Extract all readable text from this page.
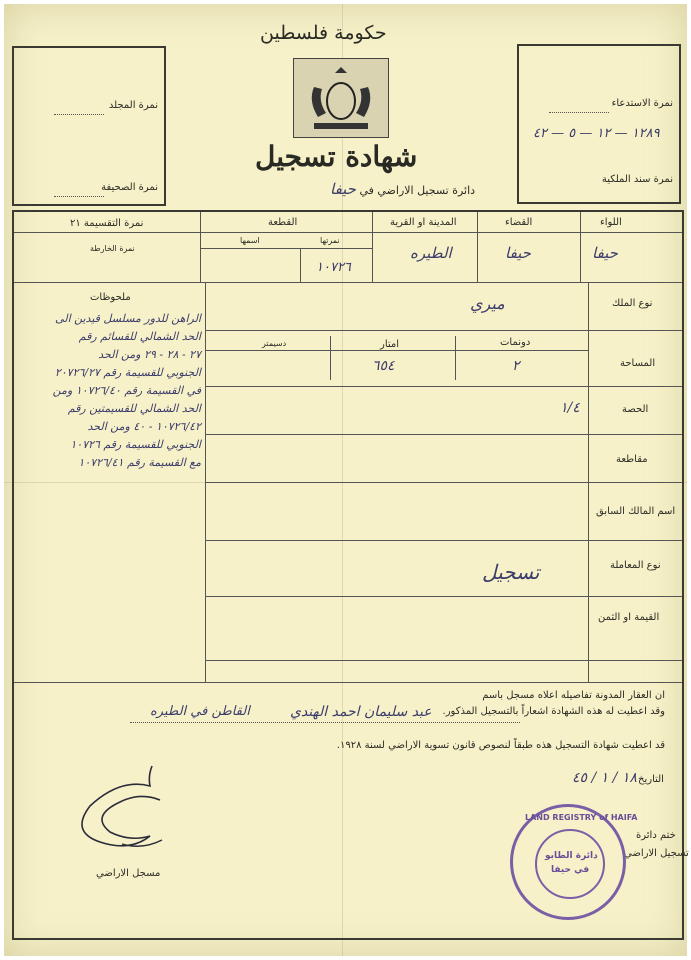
حكومة فلسطين
شهادة تسجيل
دائرة تسجيل الاراضي في حيفا
نمرة المجلد
نمرة الصحيفة
نمرة الاستدعاء
١٢٨٩ — ١٢ — ٥ — ٤٢
نمرة سند الملكية
اللواء
حيفا
القضاء
حيفا
المدينة او القرية
الطيره
القطعة
نمرتها
اسمها
١٠٧٢٦
نمرة التقسيمة ٢١
نمرة الخارطة
نوع الملك
ميري
المساحة
دونمات
امتار
دسيمتر
٢
٦٥٤
الحصة
١/٤
مقاطعة
اسم المالك السابق
نوع المعاملة
تسجيل
القيمة او الثمن
ملحوظات
الراهن للدور مسلسل قيدين الى
الحد الشمالي للقسائم رقم
٢٧ - ٢٨ - ٢٩ ومن الحد
الجنوبي للقسيمة رقم ٢٠٧٢٦/٢٧
في القسيمة رقم ١٠٧٢٦/٤٠ ومن
الحد الشمالي للقسيمتين رقم
١٠٧٢٦/٤٢ - ٤٠ ومن الحد
الجنوبي للقسيمة رقم ١٠٧٢٦
مع القسيمة رقم ١٠٧٢٦/٤١
ان العقار المدونة تفاصيله اعلاه مسجل باسم
عبد سليمان احمد الهندي
القاطن في الطيره	وقد اعطيت له هذه الشهادة اشعاراً بالتسجيل المذكور.
قد اعطيت شهادة التسجيل هذه طبقاً لنصوص قانون تسوية الاراضي لسنة ١٩٢٨.
التاريخ
١٨ / ١ / ٤٥
ختم دائرة
تسجيل الاراضي
LAND REGISTRY of HAIFA
دائرة الطابو
في حيفا
مسجل الاراضي
